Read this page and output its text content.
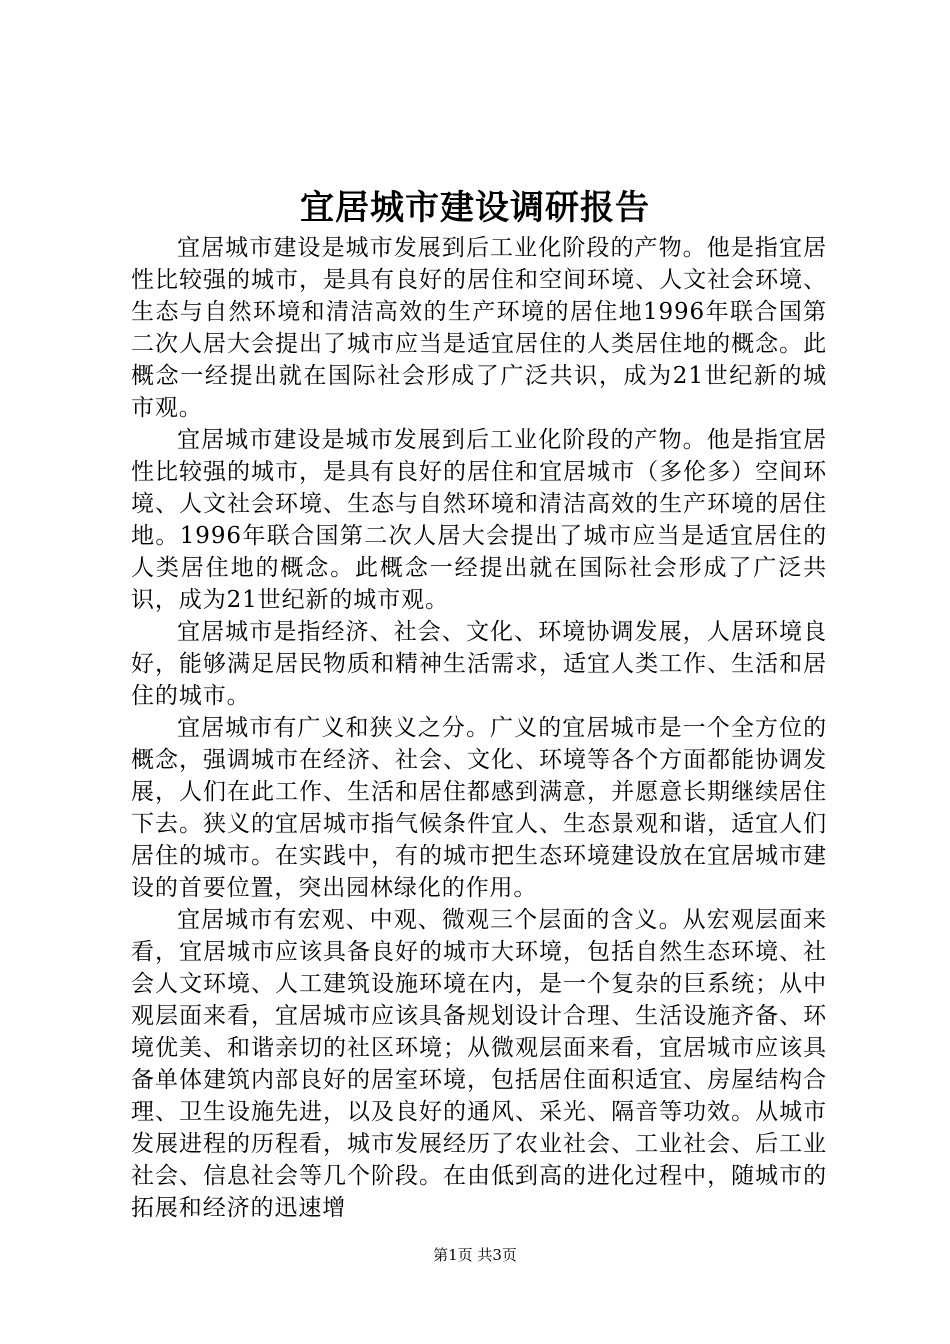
宜居城市建设调研报告

宜居城市建设是城市发展到后工业化阶段的产物。他是指宜居性比较强的城市，是具有良好的居住和空间环境、人文社会环境、生态与自然环境和清洁高效的生产环境的居住地1996年联合国第二次人居大会提出了城市应当是适宜居住的人类居住地的概念。此概念一经提出就在国际社会形成了广泛共识，成为21世纪新的城市观。

宜居城市建设是城市发展到后工业化阶段的产物。他是指宜居性比较强的城市，是具有良好的居住和宜居城市（多伦多）空间环境、人文社会环境、生态与自然环境和清洁高效的生产环境的居住地。1996年联合国第二次人居大会提出了城市应当是适宜居住的人类居住地的概念。此概念一经提出就在国际社会形成了广泛共识，成为21世纪新的城市观。

宜居城市是指经济、社会、文化、环境协调发展，人居环境良好，能够满足居民物质和精神生活需求，适宜人类工作、生活和居住的城市。

宜居城市有广义和狭义之分。广义的宜居城市是一个全方位的概念，强调城市在经济、社会、文化、环境等各个方面都能协调发展，人们在此工作、生活和居住都感到满意，并愿意长期继续居住下去。狭义的宜居城市指气候条件宜人、生态景观和谐，适宜人们居住的城市。在实践中，有的城市把生态环境建设放在宜居城市建设的首要位置，突出园林绿化的作用。

宜居城市有宏观、中观、微观三个层面的含义。从宏观层面来看，宜居城市应该具备良好的城市大环境，包括自然生态环境、社会人文环境、人工建筑设施环境在内，是一个复杂的巨系统；从中观层面来看，宜居城市应该具备规划设计合理、生活设施齐备、环境优美、和谐亲切的社区环境；从微观层面来看，宜居城市应该具备单体建筑内部良好的居室环境，包括居住面积适宜、房屋结构合理、卫生设施先进，以及良好的通风、采光、隔音等功效。从城市发展进程的历程看，城市发展经历了农业社会、工业社会、后工业社会、信息社会等几个阶段。在由低到高的进化过程中，随城市的拓展和经济的迅速增

第1页 共3页
